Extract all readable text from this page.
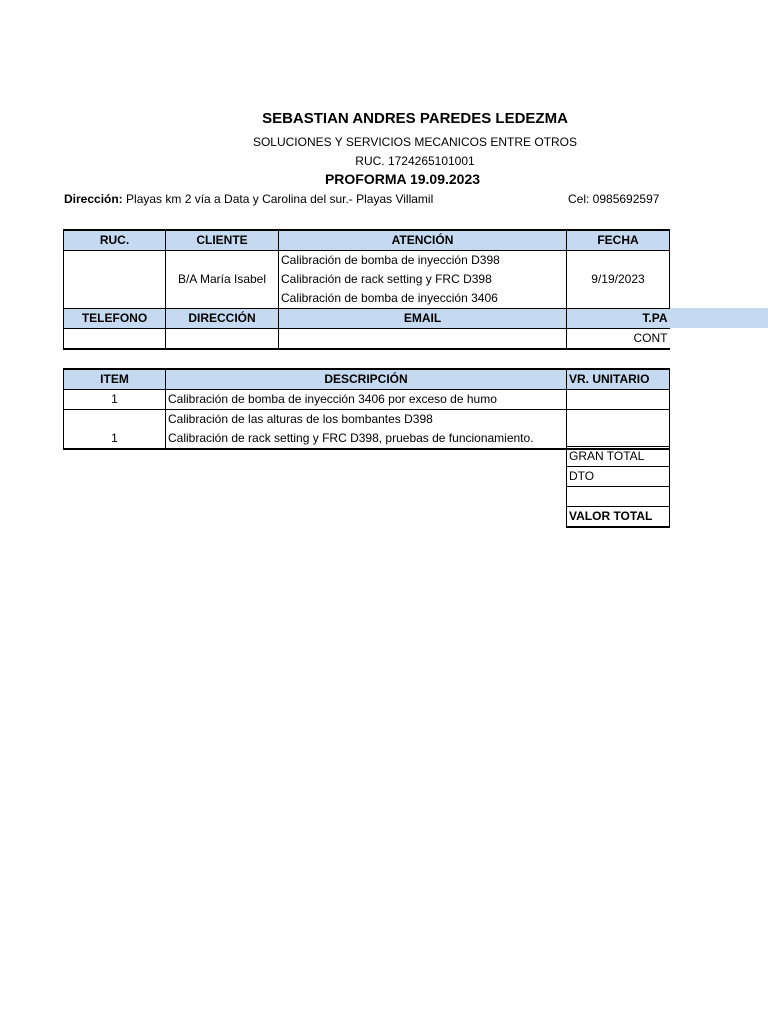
SEBASTIAN ANDRES PAREDES LEDEZMA
SOLUCIONES Y SERVICIOS MECANICOS ENTRE OTROS
RUC. 1724265101001
PROFORMA 19.09.2023
Dirección: Playas km 2 vía a Data y Carolina del sur.- Playas Villamil	Cel: 0985692597
RUC.	CLIENTE	ATENCIÓN	FECHA
	B/A María Isabel	Calibración de bomba de inyección D398	9/19/2023
		Calibración de rack setting y FRC D398	
		Calibración de bomba de inyección 3406	
TELEFONO	DIRECCIÓN	EMAIL	T.PA
			CONT
ITEM	DESCRIPCIÓN	VR. UNITARIO
1	Calibración de bomba de inyección 3406 por exceso de humo	
1	Calibración de las alturas de los bombantes D398	
	Calibración de rack setting y FRC D398, pruebas de funcionamiento.	
GRAN TOTAL
DTO

VALOR TOTAL
